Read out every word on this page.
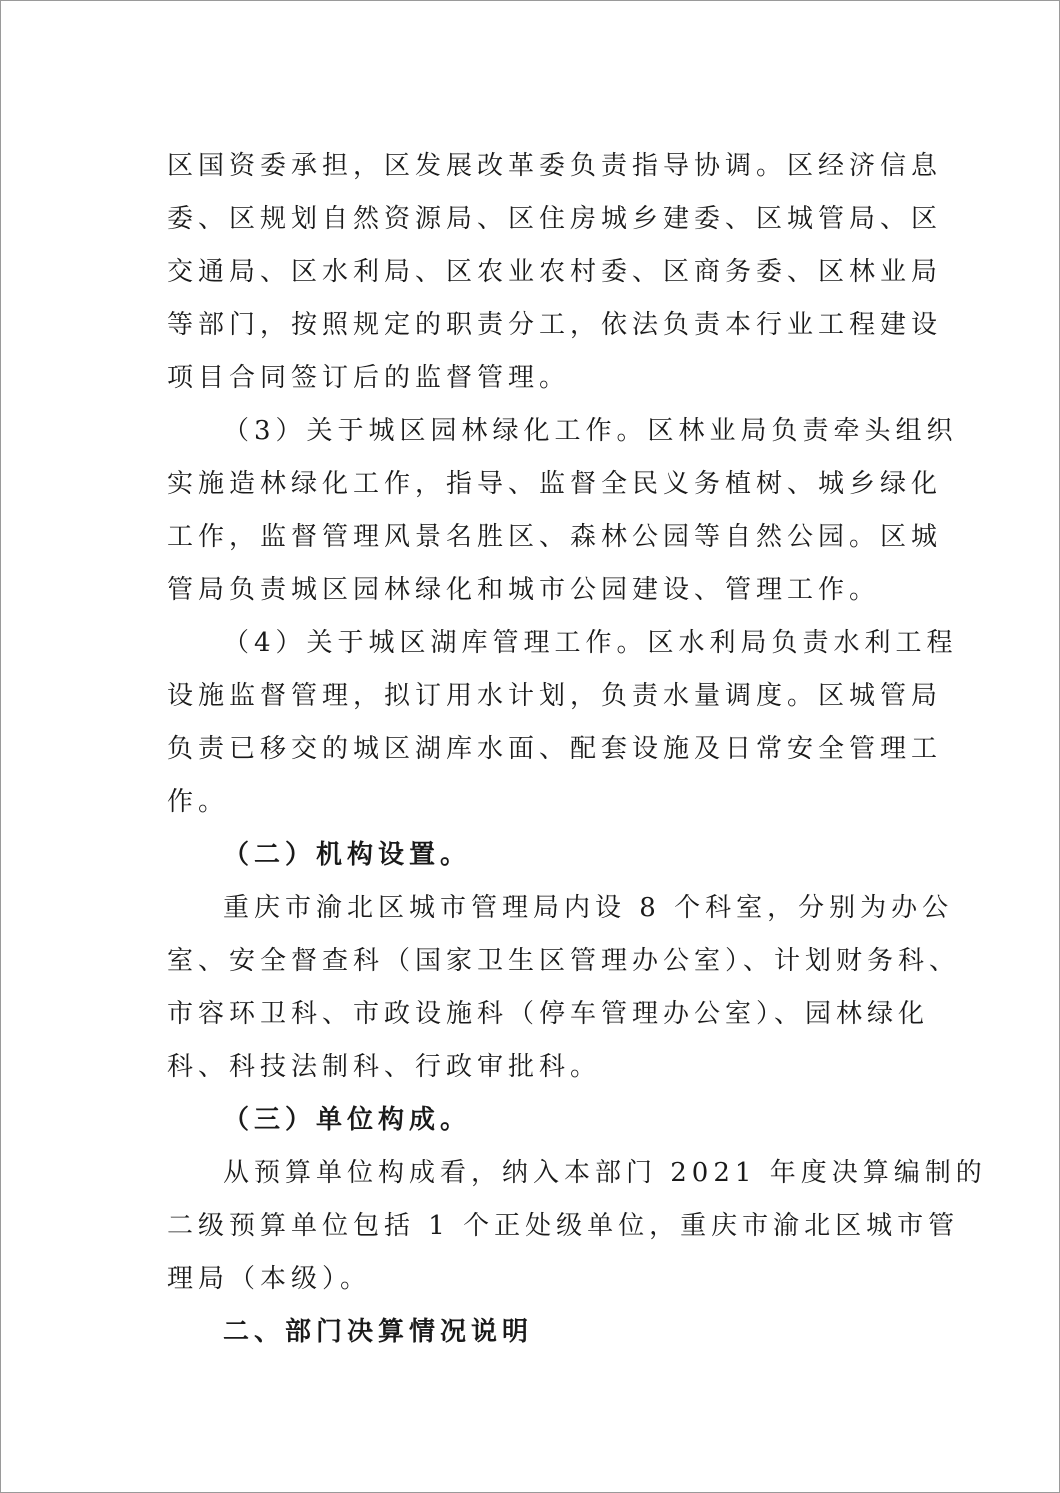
区国资委承担，区发展改革委负责指导协调。区经济信息
委、区规划自然资源局、区住房城乡建委、区城管局、区
交通局、区水利局、区农业农村委、区商务委、区林业局
等部门，按照规定的职责分工，依法负责本行业工程建设
项目合同签订后的监督管理。
（3）关于城区园林绿化工作。区林业局负责牵头组织
实施造林绿化工作，指导、监督全民义务植树、城乡绿化
工作，监督管理风景名胜区、森林公园等自然公园。区城
管局负责城区园林绿化和城市公园建设、管理工作。
（4）关于城区湖库管理工作。区水利局负责水利工程
设施监督管理，拟订用水计划，负责水量调度。区城管局
负责已移交的城区湖库水面、配套设施及日常安全管理工
作。
（二）机构设置。
重庆市渝北区城市管理局内设 8 个科室，分别为办公
室、安全督查科（国家卫生区管理办公室）、计划财务科、
市容环卫科、市政设施科（停车管理办公室）、园林绿化
科、科技法制科、行政审批科。
（三）单位构成。
从预算单位构成看，纳入本部门 2021 年度决算编制的
二级预算单位包括 1 个正处级单位，重庆市渝北区城市管
理局（本级）。
二、部门决算情况说明
